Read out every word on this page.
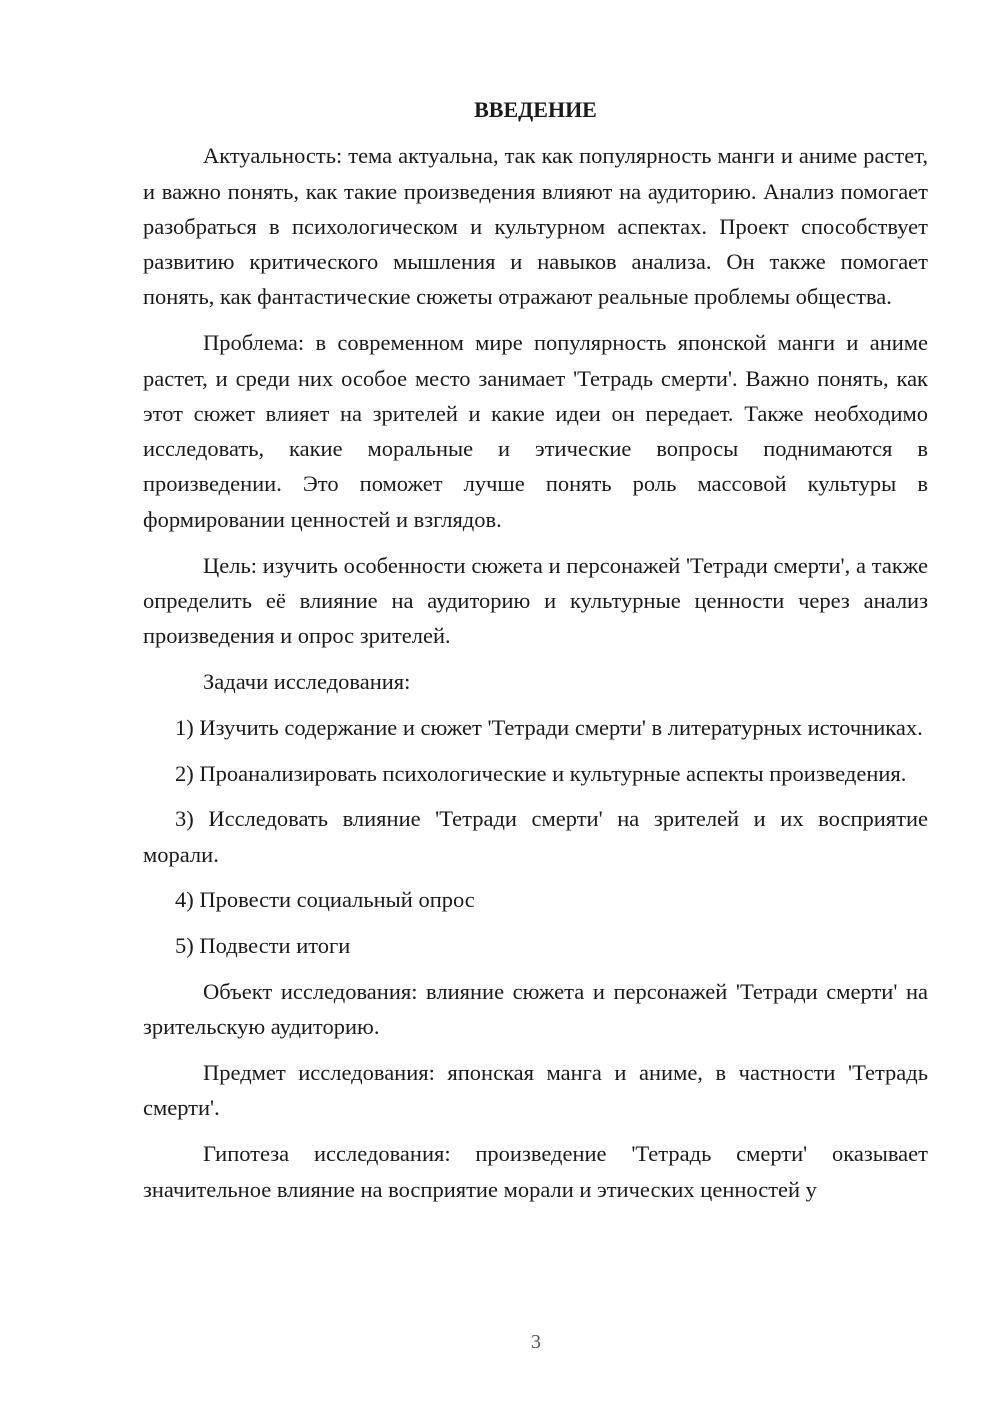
ВВЕДЕНИЕ

Актуальность: тема актуальна, так как популярность манги и аниме растет, и важно понять, как такие произведения влияют на аудиторию. Анализ помогает разобраться в психологическом и культурном аспектах. Проект способствует развитию критического мышления и навыков анализа. Он также помогает понять, как фантастические сюжеты отражают реальные проблемы общества.

Проблема: в современном мире популярность японской манги и аниме растет, и среди них особое место занимает 'Тетрадь смерти'. Важно понять, как этот сюжет влияет на зрителей и какие идеи он передает. Также необходимо исследовать, какие моральные и этические вопросы поднимаются в произведении. Это поможет лучше понять роль массовой культуры в формировании ценностей и взглядов.

Цель: изучить особенности сюжета и персонажей 'Тетради смерти', а также определить её влияние на аудиторию и культурные ценности через анализ произведения и опрос зрителей.

Задачи исследования:

1) Изучить содержание и сюжет 'Тетради смерти' в литературных источниках.

2) Проанализировать психологические и культурные аспекты произведения.

3) Исследовать влияние 'Тетради смерти' на зрителей и их восприятие морали.

4) Провести социальный опрос

5) Подвести итоги

Объект исследования: влияние сюжета и персонажей 'Тетради смерти' на зрительскую аудиторию.

Предмет исследования: японская манга и аниме, в частности 'Тетрадь смерти'.

Гипотеза исследования: произведение 'Тетрадь смерти' оказывает значительное влияние на восприятие морали и этических ценностей у

3
